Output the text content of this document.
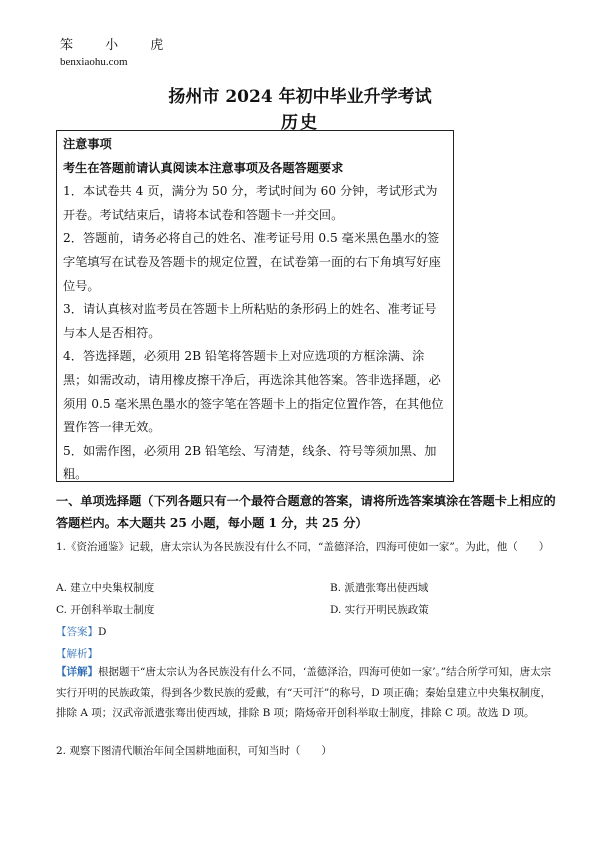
笨 小 虎
benxiaohu.com
扬州市 2024 年初中毕业升学考试
历史

注意事项

考生在答题前请认真阅读本注意事项及各题答题要求

1．本试卷共 4 页，满分为 50 分，考试时间为 60 分钟，考试形式为开卷。考试结束后，请将本试卷和答题卡一并交回。

2．答题前，请务必将自己的姓名、准考证号用 0.5 毫米黑色墨水的签字笔填写在试卷及答题卡的规定位置，在试卷第一面的右下角填写好座位号。

3．请认真核对监考员在答题卡上所粘贴的条形码上的姓名、准考证号与本人是否相符。

4．答选择题，必须用 2B 铅笔将答题卡上对应选项的方框涂满、涂黑；如需改动，请用橡皮擦干净后，再选涂其他答案。答非选择题，必须用 0.5 毫米黑色墨水的签字笔在答题卡上的指定位置作答，在其他位置作答一律无效。

5．如需作图，必须用 2B 铅笔绘、写清楚，线条、符号等须加黑、加粗。

一、单项选择题（下列各题只有一个最符合题意的答案，请将所选答案填涂在答题卡上相应的答题栏内。本大题共 25 小题，每小题 1 分，共 25 分）
1.《资治通鉴》记载，唐太宗认为各民族没有什么不同，“盖德泽洽，四海可使如一家”。为此，他（　　）
A. 建立中央集权制度	B. 派遣张骞出使西域
C. 开创科举取士制度	D. 实行开明民族政策
【答案】D
【解析】
【详解】根据题干“唐太宗认为各民族没有什么不同，‘盖德泽洽，四海可使如一家’。”结合所学可知，唐太宗实行开明的民族政策，得到各少数民族的爱戴，有“天可汗”的称号，D 项正确；秦始皇建立中央集权制度，排除 A 项；汉武帝派遣张骞出使西域，排除 B 项；隋炀帝开创科举取士制度，排除 C 项。故选 D 项。
2. 观察下图清代顺治年间全国耕地面积，可知当时（　　）
